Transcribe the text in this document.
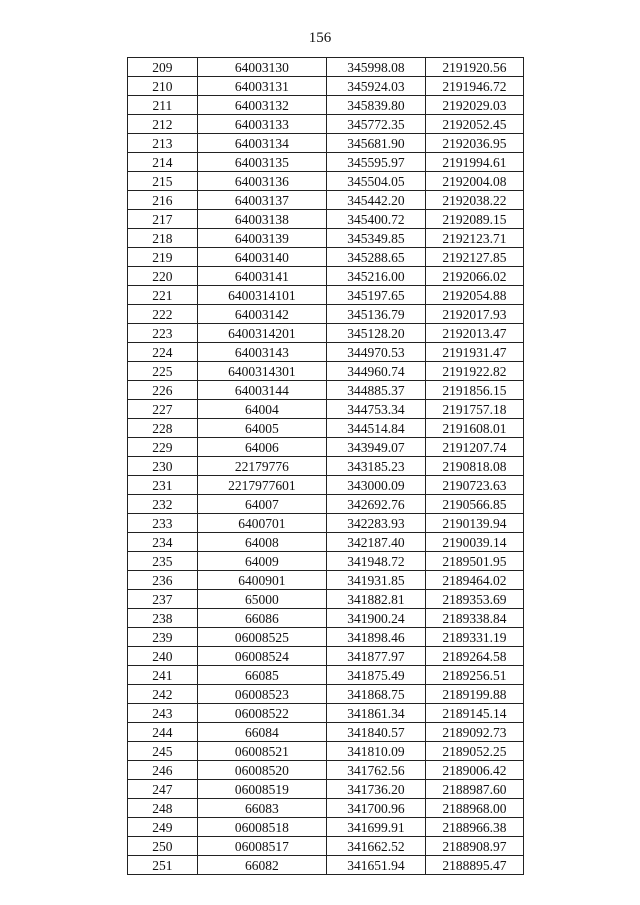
156
209	64003130	345998.08	2191920.56
210	64003131	345924.03	2191946.72
211	64003132	345839.80	2192029.03
212	64003133	345772.35	2192052.45
213	64003134	345681.90	2192036.95
214	64003135	345595.97	2191994.61
215	64003136	345504.05	2192004.08
216	64003137	345442.20	2192038.22
217	64003138	345400.72	2192089.15
218	64003139	345349.85	2192123.71
219	64003140	345288.65	2192127.85
220	64003141	345216.00	2192066.02
221	6400314101	345197.65	2192054.88
222	64003142	345136.79	2192017.93
223	6400314201	345128.20	2192013.47
224	64003143	344970.53	2191931.47
225	6400314301	344960.74	2191922.82
226	64003144	344885.37	2191856.15
227	64004	344753.34	2191757.18
228	64005	344514.84	2191608.01
229	64006	343949.07	2191207.74
230	22179776	343185.23	2190818.08
231	2217977601	343000.09	2190723.63
232	64007	342692.76	2190566.85
233	6400701	342283.93	2190139.94
234	64008	342187.40	2190039.14
235	64009	341948.72	2189501.95
236	6400901	341931.85	2189464.02
237	65000	341882.81	2189353.69
238	66086	341900.24	2189338.84
239	06008525	341898.46	2189331.19
240	06008524	341877.97	2189264.58
241	66085	341875.49	2189256.51
242	06008523	341868.75	2189199.88
243	06008522	341861.34	2189145.14
244	66084	341840.57	2189092.73
245	06008521	341810.09	2189052.25
246	06008520	341762.56	2189006.42
247	06008519	341736.20	2188987.60
248	66083	341700.96	2188968.00
249	06008518	341699.91	2188966.38
250	06008517	341662.52	2188908.97
251	66082	341651.94	2188895.47
